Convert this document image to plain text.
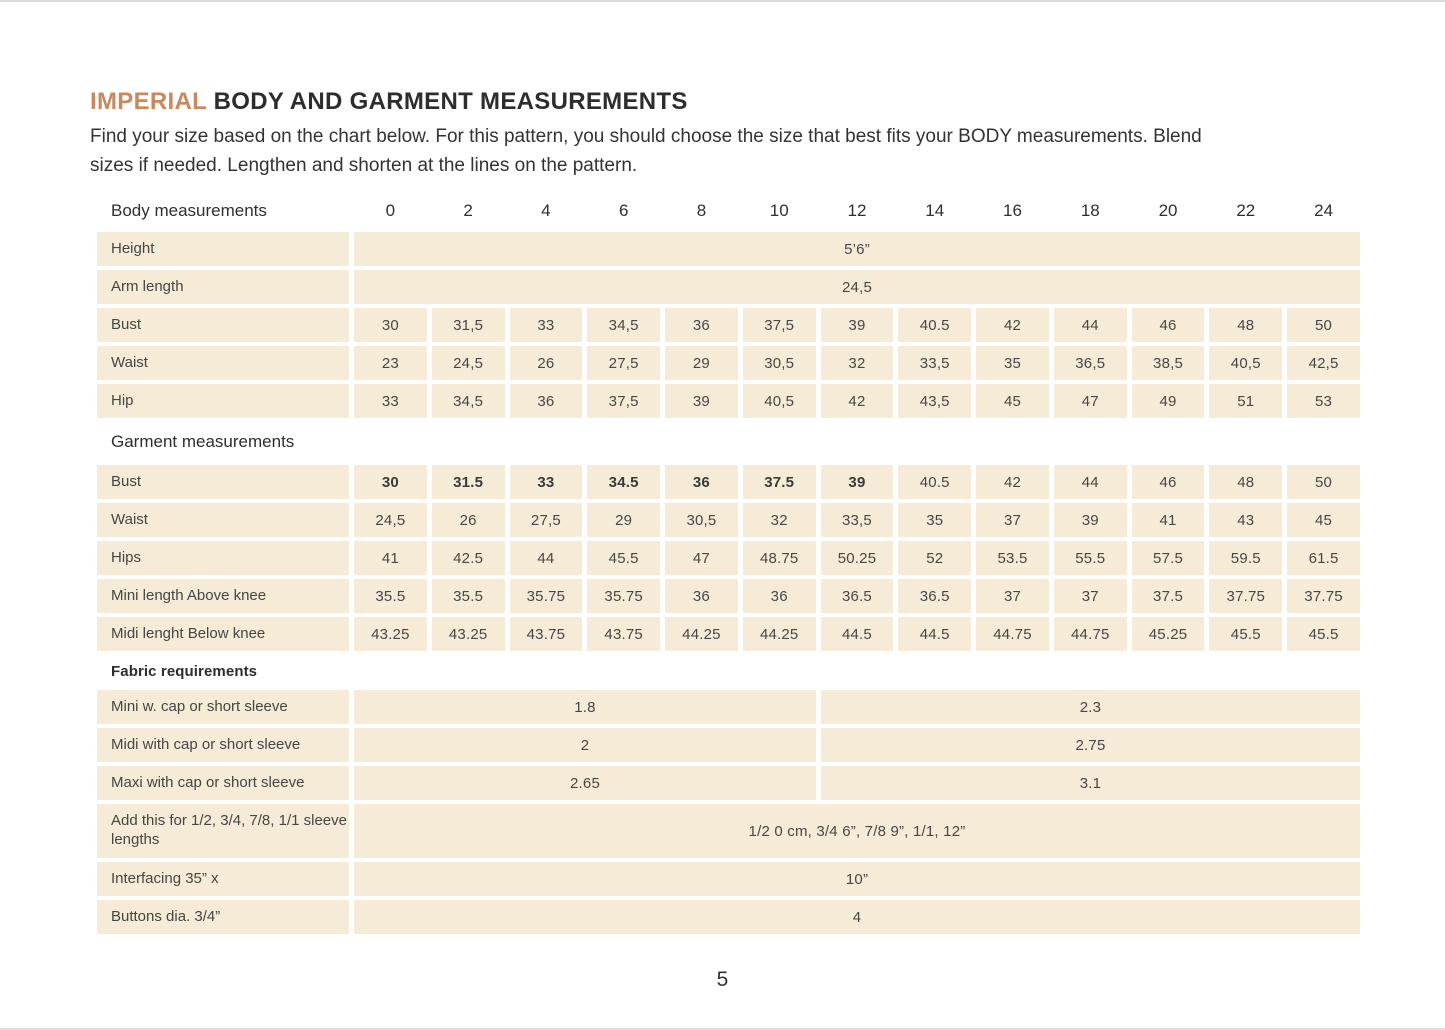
IMPERIAL BODY AND GARMENT MEASUREMENTS

Find your size based on the chart below. For this pattern, you should choose the size that best fits your BODY measurements. Blend sizes if needed. Lengthen and shorten at the lines on the pattern.

Body measurements	0	2	4	6	8	10	12	14	16	18	20	22	24
Height	5’6”
Arm length	24,5
Bust	30	31,5	33	34,5	36	37,5	39	40.5	42	44	46	48	50
Waist	23	24,5	26	27,5	29	30,5	32	33,5	35	36,5	38,5	40,5	42,5
Hip	33	34,5	36	37,5	39	40,5	42	43,5	45	47	49	51	53
Garment measurements
Bust	30	31.5	33	34.5	36	37.5	39	40.5	42	44	46	48	50
Waist	24,5	26	27,5	29	30,5	32	33,5	35	37	39	41	43	45
Hips	41	42.5	44	45.5	47	48.75	50.25	52	53.5	55.5	57.5	59.5	61.5
Mini length Above knee	35.5	35.5	35.75	35.75	36	36	36.5	36.5	37	37	37.5	37.75	37.75
Midi lenght Below knee	43.25	43.25	43.75	43.75	44.25	44.25	44.5	44.5	44.75	44.75	45.25	45.5	45.5
Fabric requirements
Mini w. cap or short sleeve	1.8	2.3
Midi with cap or short sleeve	2	2.75
Maxi with cap or short sleeve	2.65	3.1
Add this for 1/2, 3/4, 7/8, 1/1 sleeve lengths	1/2 0 cm, 3/4 6”, 7/8 9”, 1/1, 12”
Interfacing 35” x	10”
Buttons dia. 3/4”	4
5
